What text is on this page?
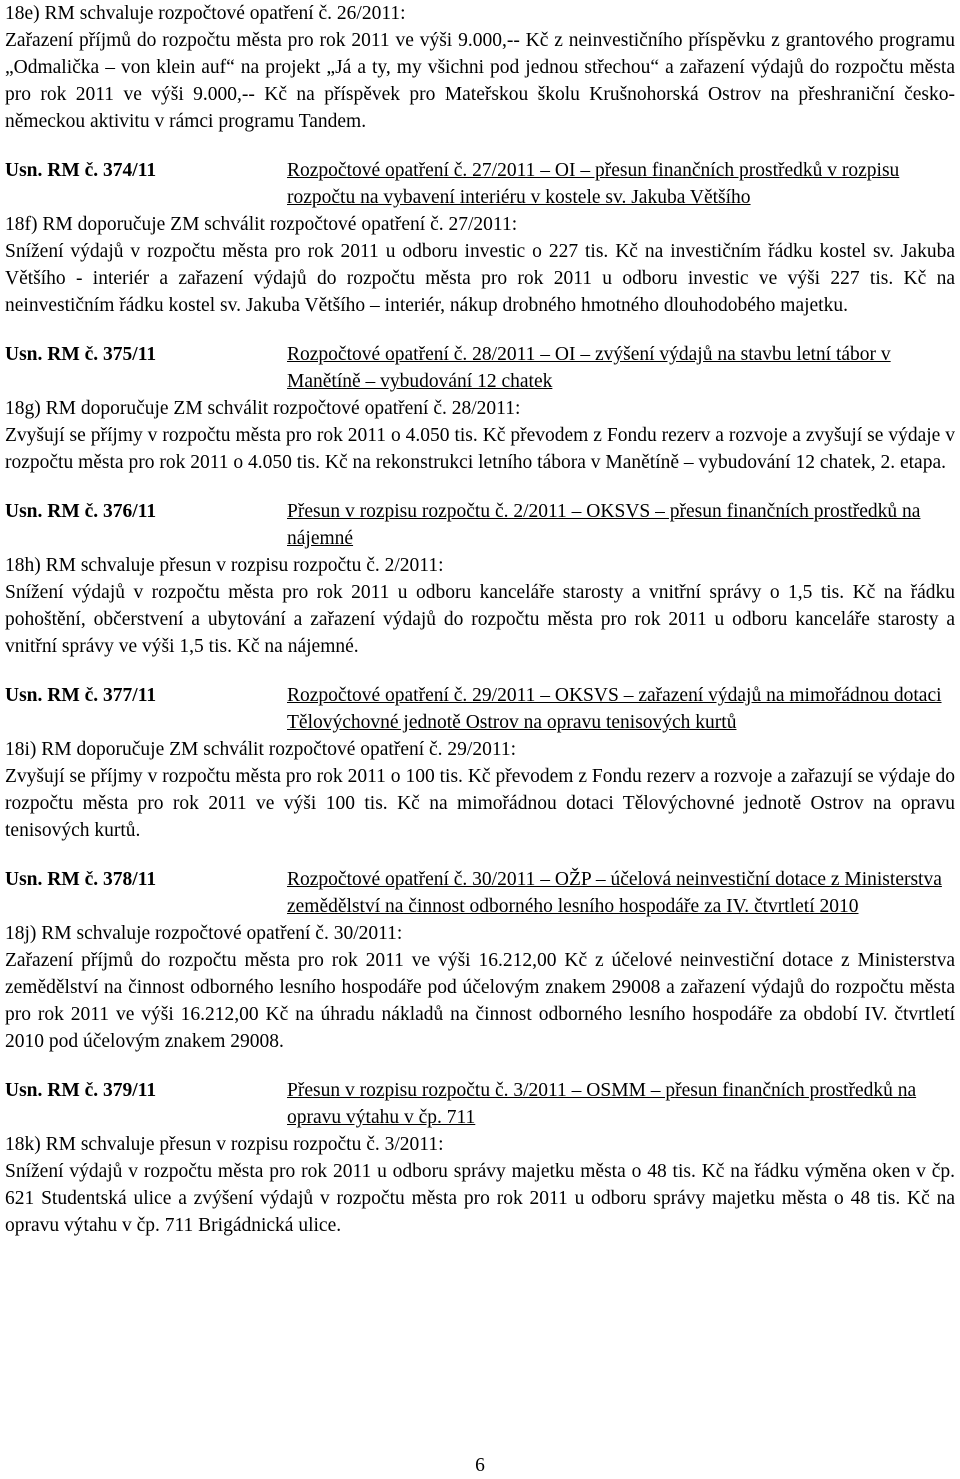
18e) RM schvaluje rozpočtové opatření č. 26/2011:

Zařazení příjmů do rozpočtu města pro rok 2011 ve výši 9.000,-- Kč z neinvestičního příspěvku z grantového programu „Odmalička – von klein auf“ na projekt „Já a ty, my všichni pod jednou střechou“ a zařazení výdajů do rozpočtu města pro rok 2011 ve výši 9.000,-- Kč na příspěvek pro Mateřskou školu Krušnohorská Ostrov na přeshraniční česko-německou aktivitu v rámci programu Tandem.

Usn. RM č. 374/11	Rozpočtové opatření č. 27/2011 – OI – přesun finančních prostředků v rozpisu rozpočtu na vybavení interiéru v kostele sv. Jakuba Většího

18f) RM doporučuje ZM schválit rozpočtové opatření č. 27/2011:

Snížení výdajů v rozpočtu města pro rok 2011 u odboru investic o 227 tis. Kč na investičním řádku kostel sv. Jakuba Většího - interiér a zařazení výdajů do rozpočtu města pro rok 2011 u odboru investic ve výši 227 tis. Kč na neinvestičním řádku kostel sv. Jakuba Většího – interiér, nákup drobného hmotného dlouhodobého majetku.

Usn. RM č. 375/11	Rozpočtové opatření č. 28/2011 – OI – zvýšení výdajů na stavbu letní tábor v Manětíně – vybudování 12 chatek

18g) RM doporučuje ZM schválit rozpočtové opatření č. 28/2011:

Zvyšují se příjmy v rozpočtu města pro rok 2011 o 4.050 tis. Kč převodem z Fondu rezerv a rozvoje a zvyšují se výdaje v rozpočtu města pro rok 2011 o 4.050 tis. Kč na rekonstrukci letního tábora v Manětíně – vybudování 12 chatek, 2. etapa.

Usn. RM č. 376/11	Přesun v rozpisu rozpočtu č. 2/2011 – OKSVS – přesun finančních prostředků na nájemné

18h) RM schvaluje přesun v rozpisu rozpočtu č. 2/2011:

Snížení výdajů v rozpočtu města pro rok 2011 u odboru kanceláře starosty a vnitřní správy o 1,5 tis. Kč na řádku pohoštění, občerstvení a ubytování a zařazení výdajů do rozpočtu města pro rok 2011 u odboru kanceláře starosty a vnitřní správy ve výši 1,5 tis. Kč na nájemné.

Usn. RM č. 377/11	Rozpočtové opatření č. 29/2011 – OKSVS – zařazení výdajů na mimořádnou dotaci Tělovýchovné jednotě Ostrov na opravu tenisových kurtů

18i) RM doporučuje ZM schválit rozpočtové opatření č. 29/2011:

Zvyšují se příjmy v rozpočtu města pro rok 2011 o 100 tis. Kč převodem z Fondu rezerv a rozvoje a zařazují se výdaje do rozpočtu města pro rok 2011 ve výši 100 tis. Kč na mimořádnou dotaci Tělovýchovné jednotě Ostrov na opravu tenisových kurtů.

Usn. RM č. 378/11	Rozpočtové opatření č. 30/2011 – OŽP – účelová neinvestiční dotace z Ministerstva zemědělství na činnost odborného lesního hospodáře za IV. čtvrtletí 2010

18j) RM schvaluje rozpočtové opatření č. 30/2011:

Zařazení příjmů do rozpočtu města pro rok 2011 ve výši 16.212,00 Kč z účelové neinvestiční dotace z Ministerstva zemědělství na činnost odborného lesního hospodáře pod účelovým znakem 29008 a zařazení výdajů do rozpočtu města pro rok 2011 ve výši 16.212,00 Kč na úhradu nákladů na činnost odborného lesního hospodáře za období IV. čtvrtletí 2010 pod účelovým znakem 29008.

Usn. RM č. 379/11	Přesun v rozpisu rozpočtu č. 3/2011 – OSMM – přesun finančních prostředků na opravu výtahu v čp. 711

18k) RM schvaluje přesun v rozpisu rozpočtu č. 3/2011:

Snížení výdajů v rozpočtu města pro rok 2011 u odboru správy majetku města o 48 tis. Kč na řádku výměna oken v čp. 621 Studentská ulice a zvýšení výdajů v rozpočtu města pro rok 2011 u odboru správy majetku města o 48 tis. Kč na opravu výtahu v čp. 711 Brigádnická ulice.

6
